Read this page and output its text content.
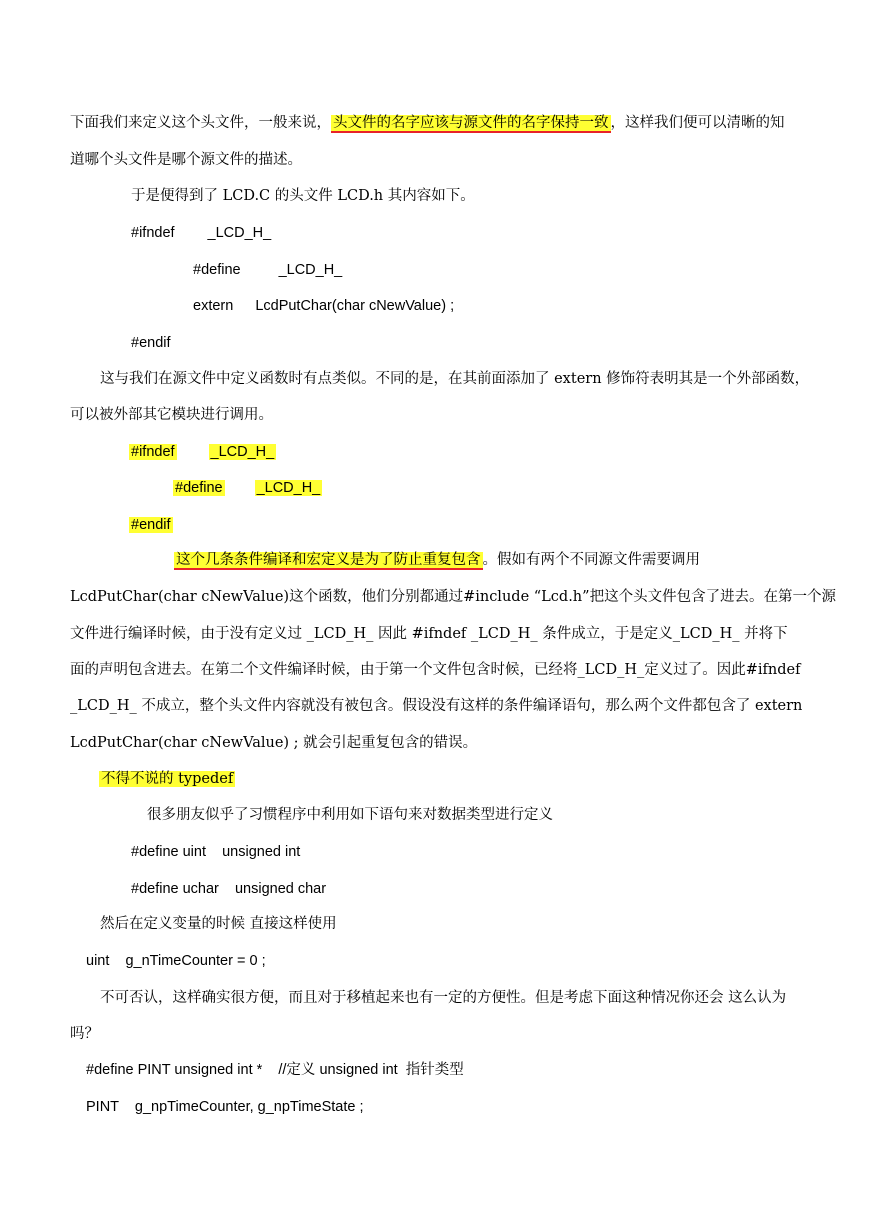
下面我们来定义这个头文件，一般来说， 头文件的名字应该与源文件的名字保持一致 ，这样我们便可以清晰的知
道哪个头文件是哪个源文件的描述。
于是便得到了 LCD.C 的头文件 LCD.h 其内容如下。
#ifndef _LCD_H_
#define	_LCD_H_
extern LcdPutChar(char cNewValue) ;
#endif
这与我们在源文件中定义函数时有点类似。不同的是，在其前面添加了 extern 修饰符表明其是一个外部函数，
可以被外部其它模块进行调用。
#ifndef _LCD_H_
#define _LCD_H_
#endif
这个几条条件编译和宏定义是为了防止重复包含 。假如有两个不同源文件需要调用
LcdPutChar(char cNewValue)这个函数，他们分别都通过#include “Lcd.h”把这个头文件包含了进去。在第一个源
文件进行编译时候，由于没有定义过 _LCD_H_ 因此 #ifndef _LCD_H_ 条件成立，于是定义_LCD_H_ 并将下
面的声明包含进去。在第二个文件编译时候，由于第一个文件包含时候，已经将_LCD_H_定义过了。因此#ifndef
_LCD_H_ 不成立，整个头文件内容就没有被包含。假设没有这样的条件编译语句，那么两个文件都包含了 extern
LcdPutChar(char cNewValue) ; 就会引起重复包含的错误。
不得不说的 typedef
很多朋友似乎了习惯程序中利用如下语句来对数据类型进行定义
#define uint    unsigned int
#define uchar    unsigned char
然后在定义变量的时候 直接这样使用
uint    g_nTimeCounter = 0 ;
不可否认，这样确实很方便，而且对于移植起来也有一定的方便性。但是考虑下面这种情况你还会 这么认为
吗？
#define PINT unsigned int *    //定义 unsigned int  指针类型
PINT    g_npTimeCounter, g_npTimeState ;
